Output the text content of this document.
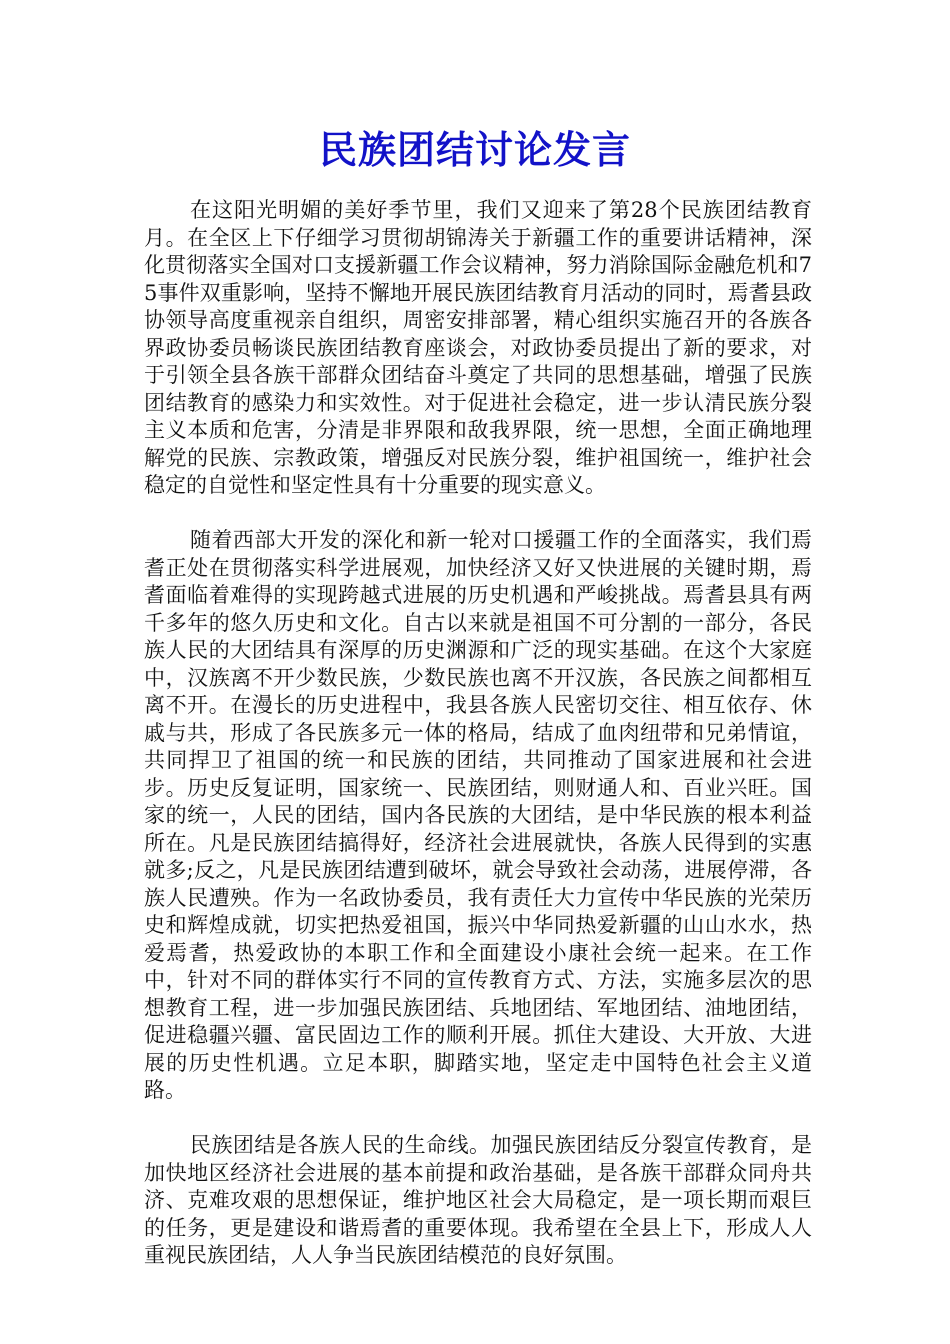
民族团结讨论发言

在这阳光明媚的美好季节里，我们又迎来了第28个民族团结教育月。在全区上下仔细学习贯彻胡锦涛关于新疆工作的重要讲话精神，深化贯彻落实全国对口支援新疆工作会议精神，努力消除国际金融危机和75事件双重影响，坚持不懈地开展民族团结教育月活动的同时，焉耆县政协领导高度重视亲自组织，周密安排部署，精心组织实施召开的各族各界政协委员畅谈民族团结教育座谈会，对政协委员提出了新的要求，对于引领全县各族干部群众团结奋斗奠定了共同的思想基础，增强了民族团结教育的感染力和实效性。对于促进社会稳定，进一步认清民族分裂主义本质和危害，分清是非界限和敌我界限，统一思想，全面正确地理解党的民族、宗教政策，增强反对民族分裂，维护祖国统一，维护社会稳定的自觉性和坚定性具有十分重要的现实意义。

随着西部大开发的深化和新一轮对口援疆工作的全面落实，我们焉耆正处在贯彻落实科学进展观，加快经济又好又快进展的关键时期，焉耆面临着难得的实现跨越式进展的历史机遇和严峻挑战。焉耆县具有两千多年的悠久历史和文化。自古以来就是祖国不可分割的一部分，各民族人民的大团结具有深厚的历史渊源和广泛的现实基础。在这个大家庭中，汉族离不开少数民族，少数民族也离不开汉族，各民族之间都相互离不开。在漫长的历史进程中，我县各族人民密切交往、相互依存、休戚与共，形成了各民族多元一体的格局，结成了血肉纽带和兄弟情谊，共同捍卫了祖国的统一和民族的团结，共同推动了国家进展和社会进步。历史反复证明，国家统一、民族团结，则财通人和、百业兴旺。国家的统一，人民的团结，国内各民族的大团结，是中华民族的根本利益所在。凡是民族团结搞得好，经济社会进展就快，各族人民得到的实惠就多;反之，凡是民族团结遭到破坏，就会导致社会动荡，进展停滞，各族人民遭殃。作为一名政协委员，我有责任大力宣传中华民族的光荣历史和辉煌成就，切实把热爱祖国，振兴中华同热爱新疆的山山水水，热爱焉耆，热爱政协的本职工作和全面建设小康社会统一起来。在工作中，针对不同的群体实行不同的宣传教育方式、方法，实施多层次的思想教育工程，进一步加强民族团结、兵地团结、军地团结、油地团结，促进稳疆兴疆、富民固边工作的顺利开展。抓住大建设、大开放、大进展的历史性机遇。立足本职，脚踏实地，坚定走中国特色社会主义道路。

民族团结是各族人民的生命线。加强民族团结反分裂宣传教育，是加快地区经济社会进展的基本前提和政治基础，是各族干部群众同舟共济、克难攻艰的思想保证，维护地区社会大局稳定，是一项长期而艰巨的任务，更是建设和谐焉耆的重要体现。我希望在全县上下，形成人人重视民族团结，人人争当民族团结模范的良好氛围。
